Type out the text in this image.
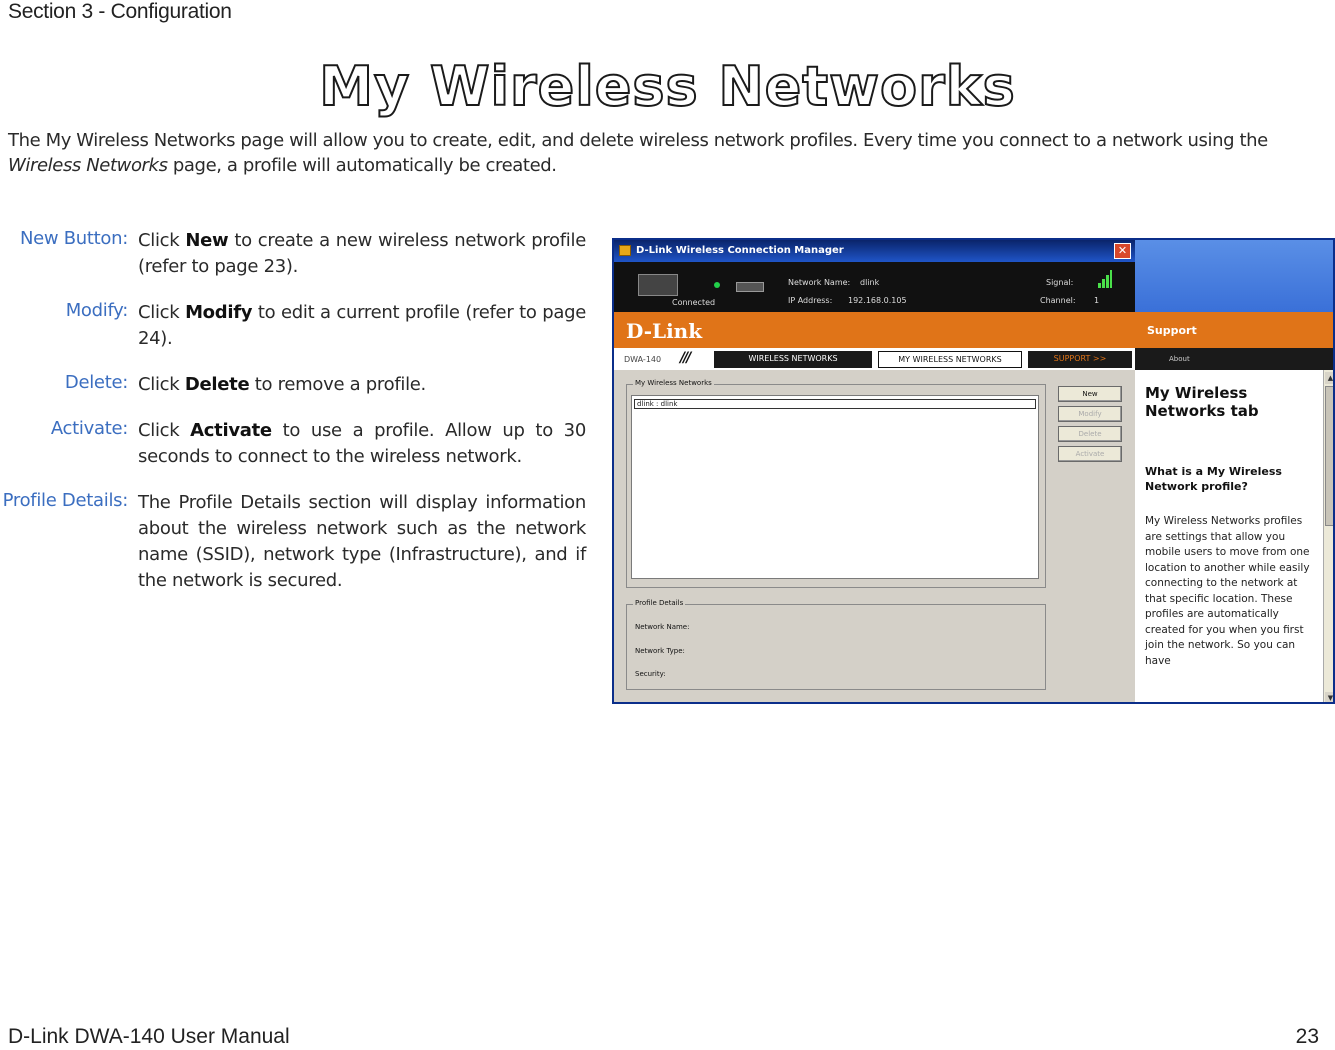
Section 3 - Configuration
My Wireless Networks

The My Wireless Networks page will allow you to create, edit, and delete wireless network profiles. Every time you connect to a network using the Wireless Networks page, a profile will automatically be created.

New Button: Click New to create a new wireless network profile (refer to page 23).
Modify: Click Modify to edit a current profile (refer to page 24).
Delete: Click Delete to remove a profile.
Activate: Click Activate to use a profile. Allow up to 30 seconds to connect to the wireless network.
Profile Details: The Profile Details section will display information about the wireless network such as the network name (SSID), network type (Infrastructure), and if the network is secured.
D-Link Wireless Connection Manager	✕
Connected
Network Name: dlink
IP Address: 192.168.0.105
Signal:
Channel: 1
D-Link
DWA-140 ///	WIRELESS NETWORKS	MY WIRELESS NETWORKS	SUPPORT >>
My Wireless Networks
dlink : dlink
New
Modify
Delete
Activate
Profile Details
Network Name:
Network Type:
Security:
Support
About
My Wireless Networks tab
What is a My Wireless Network profile?
My Wireless Networks profiles are settings that allow you mobile users to move from one location to another while easily connecting to the network at that specific location. These profiles are automatically created for you when you first join the network. So you can have
▲
▼
D-Link DWA-140 User Manual	23
